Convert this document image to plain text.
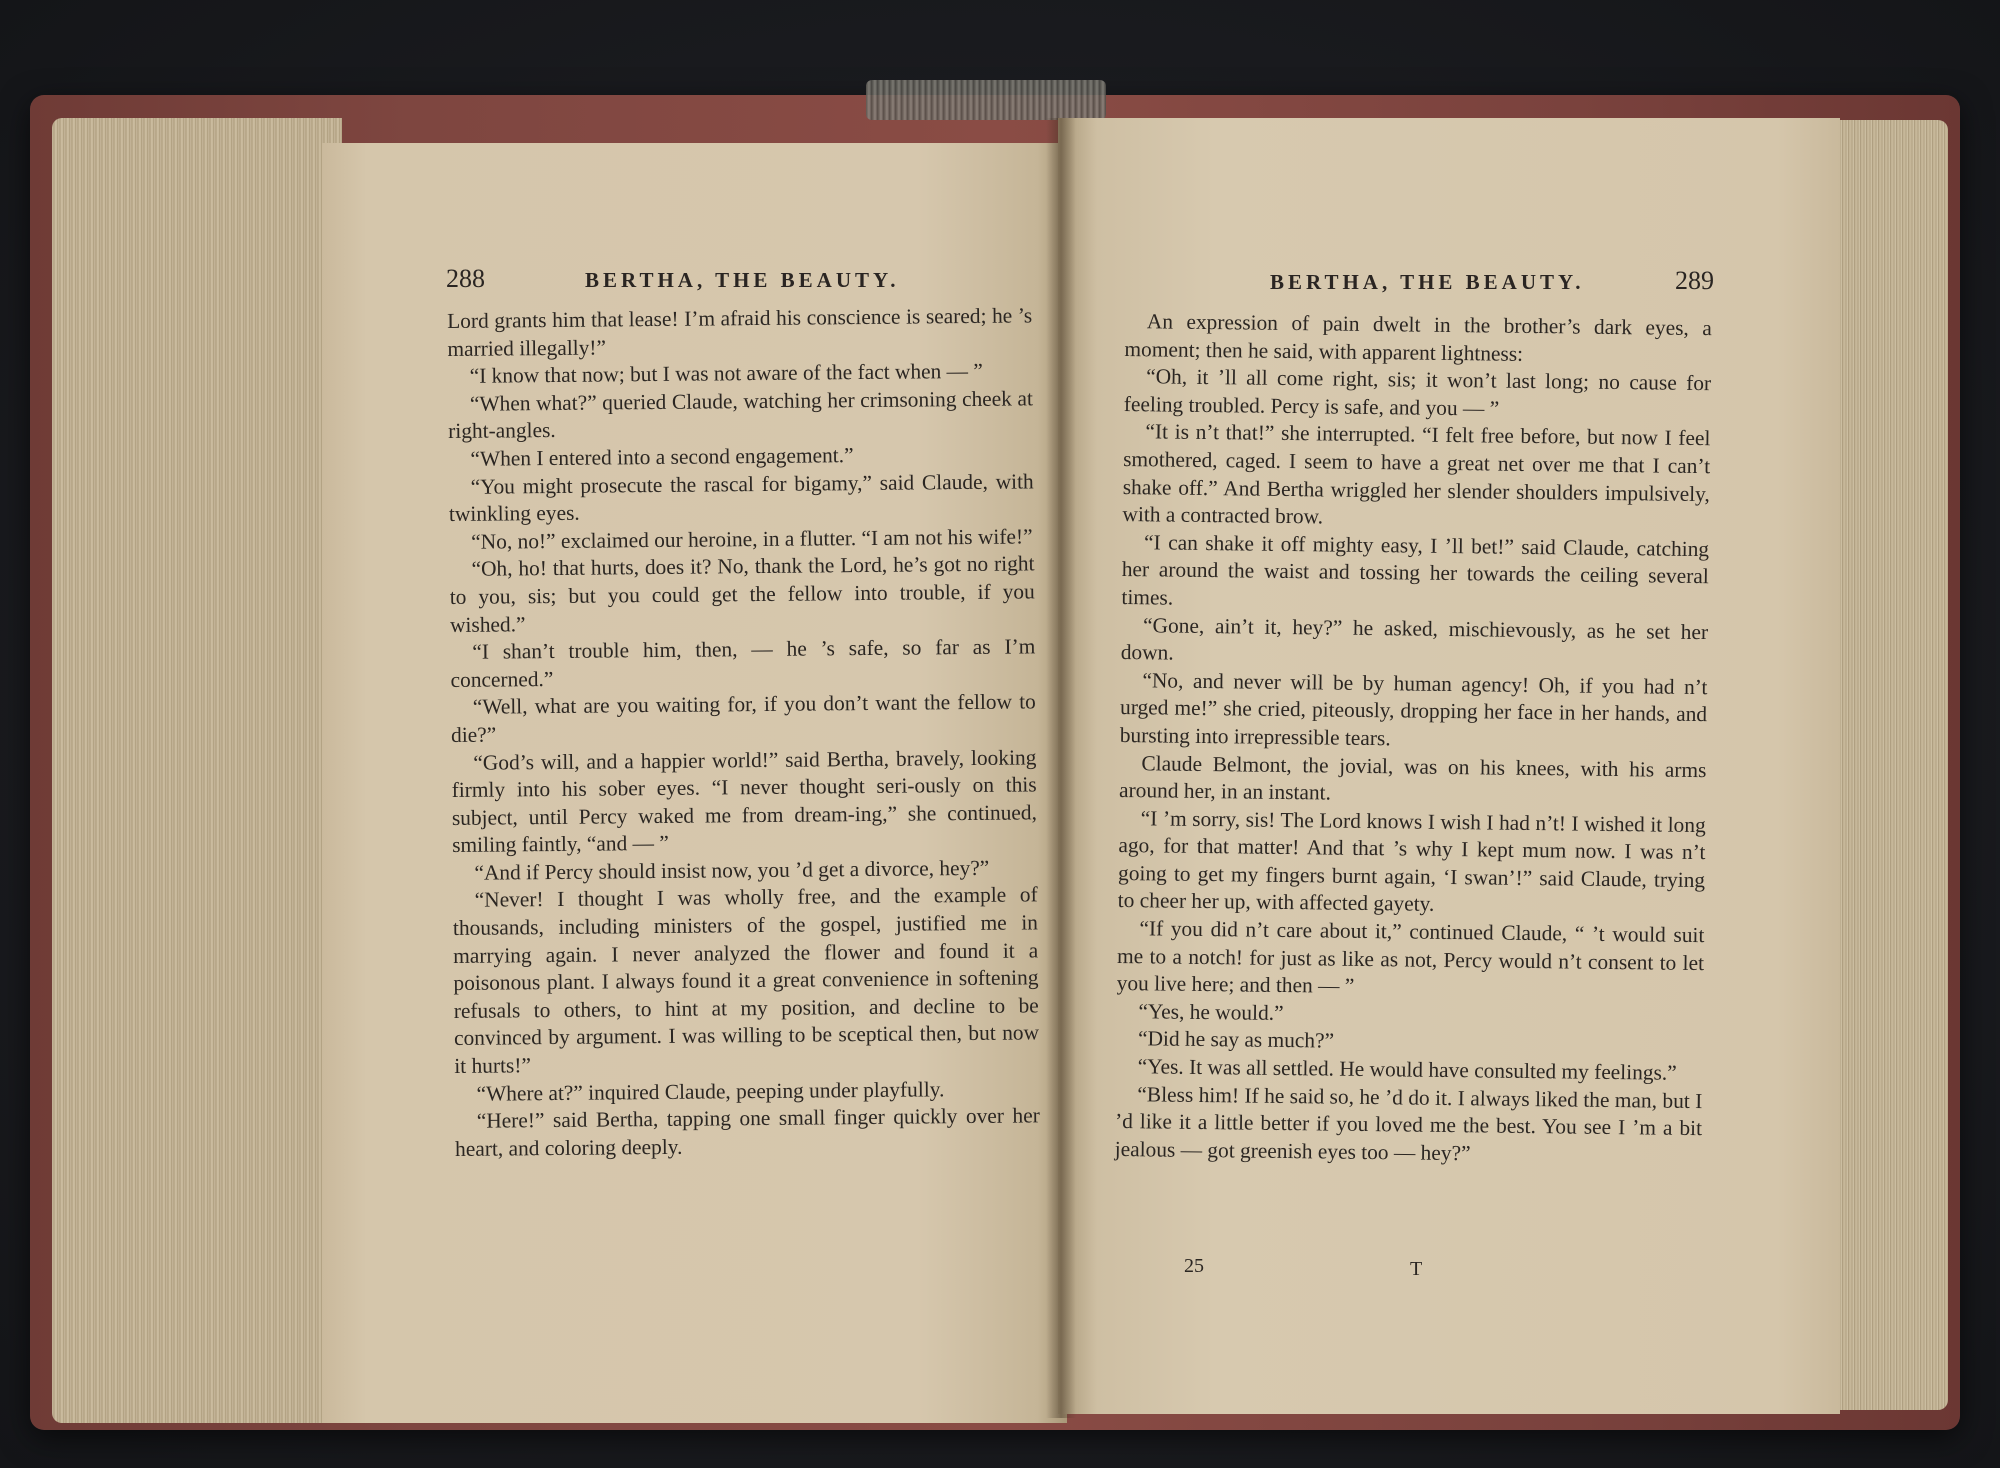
288	BERTHA, THE BEAUTY.	BERTHA, THE BEAUTY.	289

Lord grants him that lease! I’m afraid his conscience is seared; he ’s married illegally!”

“I know that now; but I was not aware of the fact when — ”

“When what?” queried Claude, watching her crimsoning cheek at right-angles.

“When I entered into a second engagement.”

“You might prosecute the rascal for bigamy,” said Claude, with twinkling eyes.

“No, no!” exclaimed our heroine, in a flutter. “I am not his wife!”

“Oh, ho! that hurts, does it? No, thank the Lord, he’s got no right to you, sis; but you could get the fellow into trouble, if you wished.”

“I shan’t trouble him, then, — he ’s safe, so far as I’m concerned.”

“Well, what are you waiting for, if you don’t want the fellow to die?”

“God’s will, and a happier world!” said Bertha, bravely, looking firmly into his sober eyes. “I never thought seri-ously on this subject, until Percy waked me from dream-ing,” she continued, smiling faintly, “and — ”

“And if Percy should insist now, you ’d get a divorce, hey?”

“Never! I thought I was wholly free, and the example of thousands, including ministers of the gospel, justified me in marrying again. I never analyzed the flower and found it a poisonous plant. I always found it a great convenience in softening refusals to others, to hint at my position, and decline to be convinced by argument. I was willing to be sceptical then, but now it hurts!”

“Where at?” inquired Claude, peeping under playfully.

“Here!” said Bertha, tapping one small finger quickly over her heart, and coloring deeply.

An expression of pain dwelt in the brother’s dark eyes, a moment; then he said, with apparent lightness:

“Oh, it ’ll all come right, sis; it won’t last long; no cause for feeling troubled. Percy is safe, and you — ”

“It is n’t that!” she interrupted. “I felt free before, but now I feel smothered, caged. I seem to have a great net over me that I can’t shake off.” And Bertha wriggled her slender shoulders impulsively, with a contracted brow.

“I can shake it off mighty easy, I ’ll bet!” said Claude, catching her around the waist and tossing her towards the ceiling several times.

“Gone, ain’t it, hey?” he asked, mischievously, as he set her down.

“No, and never will be by human agency! Oh, if you had n’t urged me!” she cried, piteously, dropping her face in her hands, and bursting into irrepressible tears.

Claude Belmont, the jovial, was on his knees, with his arms around her, in an instant.

“I ’m sorry, sis! The Lord knows I wish I had n’t! I wished it long ago, for that matter! And that ’s why I kept mum now. I was n’t going to get my fingers burnt again, ‘I swan’!” said Claude, trying to cheer her up, with affected gayety.

“If you did n’t care about it,” continued Claude, “ ’t would suit me to a notch! for just as like as not, Percy would n’t consent to let you live here; and then — ”

“Yes, he would.”

“Did he say as much?”

“Yes. It was all settled. He would have consulted my feelings.”

“Bless him! If he said so, he ’d do it. I always liked the man, but I ’d like it a little better if you loved me the best. You see I ’m a bit jealous — got greenish eyes too — hey?”

25	T
